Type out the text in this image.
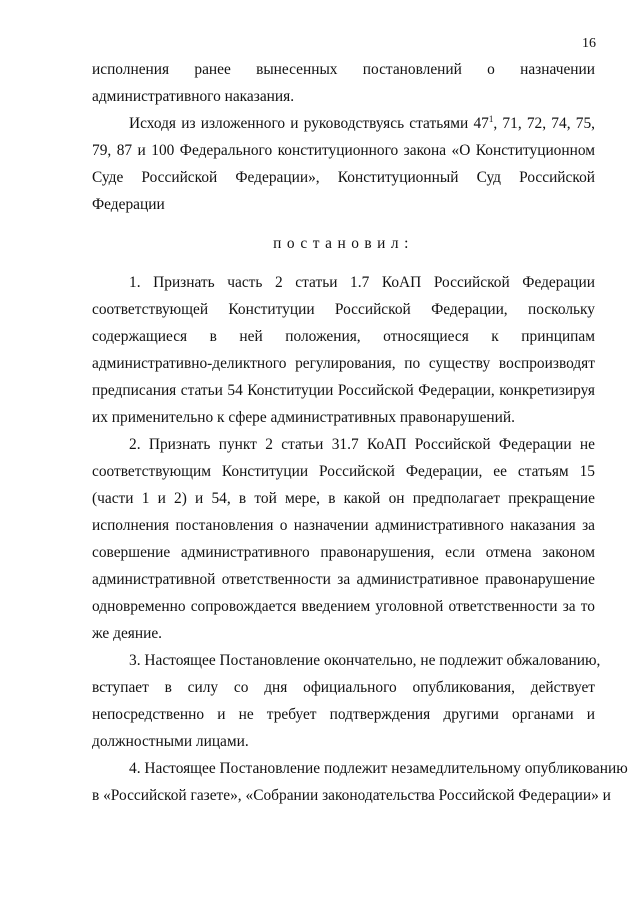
16
исполнения ранее вынесенных постановлений о назначении
административного наказания.
Исходя из изложенного и руководствуясь статьями $47^1$, 71, 72, 74, 75,
79, 87 и 100 Федерального конституционного закона «О Конституционном
Суде Российской Федерации», Конституционный Суд Российской
Федерации
постановил:
1. Признать часть 2 статьи 1.7 КоАП Российской Федерации
соответствующей Конституции Российской Федерации, поскольку
содержащиеся в ней положения, относящиеся к принципам
административно-деликтного регулирования, по существу воспроизводят
предписания статьи 54 Конституции Российской Федерации, конкретизируя
их применительно к сфере административных правонарушений.
2. Признать пункт 2 статьи 31.7 КоАП Российской Федерации не
соответствующим Конституции Российской Федерации, ее статьям 15
(части 1 и 2) и 54, в той мере, в какой он предполагает прекращение
исполнения постановления о назначении административного наказания за
совершение административного правонарушения, если отмена законом
административной ответственности за административное правонарушение
одновременно сопровождается введением уголовной ответственности за то
же деяние.
3. Настоящее Постановление окончательно, не подлежит обжалованию,
вступает в силу со дня официального опубликования, действует
непосредственно и не требует подтверждения другими органами и
должностными лицами.
4. Настоящее Постановление подлежит незамедлительному опубликованию
в «Российской газете», «Собрании законодательства Российской Федерации» и
